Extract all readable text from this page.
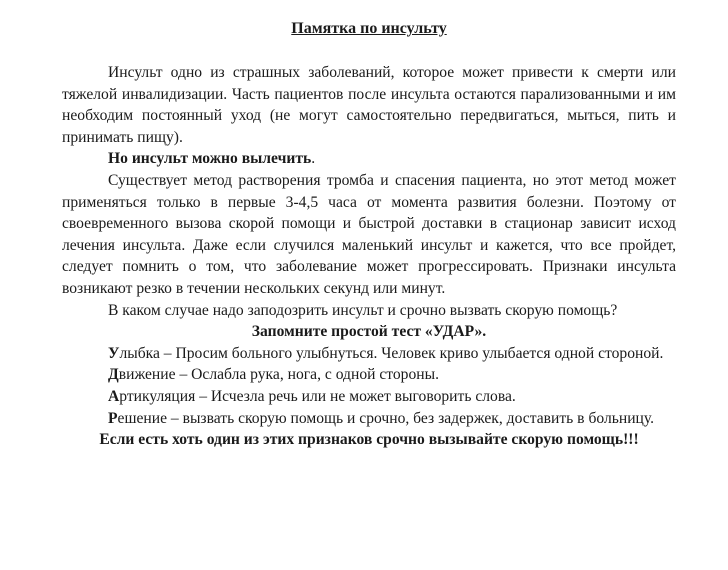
Памятка по инсульту

Инсульт одно из страшных заболеваний, которое может привести к смерти или тяжелой инвалидизации. Часть пациентов после инсульта остаются парализованными и им необходим постоянный уход (не могут самостоятельно передвигаться, мыться, пить и принимать пищу).

Но инсульт можно вылечить.

Существует метод растворения тромба и спасения пациента, но этот метод может применяться только в первые 3-4,5 часа от момента развития болезни. Поэтому от своевременного вызова скорой помощи и быстрой доставки в стационар зависит исход лечения инсульта. Даже если случился маленький инсульт и кажется, что все пройдет, следует помнить о том, что заболевание может прогрессировать. Признаки инсульта возникают резко в течении нескольких секунд или минут.

В каком случае надо заподозрить инсульт и срочно вызвать скорую помощь?

Запомните простой тест «УДАР».

Улыбка – Просим больного улыбнуться. Человек криво улыбается одной стороной.

Движение – Ослабла рука, нога, с одной стороны.

Артикуляция – Исчезла речь или не может выговорить слова.

Решение – вызвать скорую помощь и срочно, без задержек, доставить в больницу.

Если есть хоть один из этих признаков срочно вызывайте скорую помощь!!!
